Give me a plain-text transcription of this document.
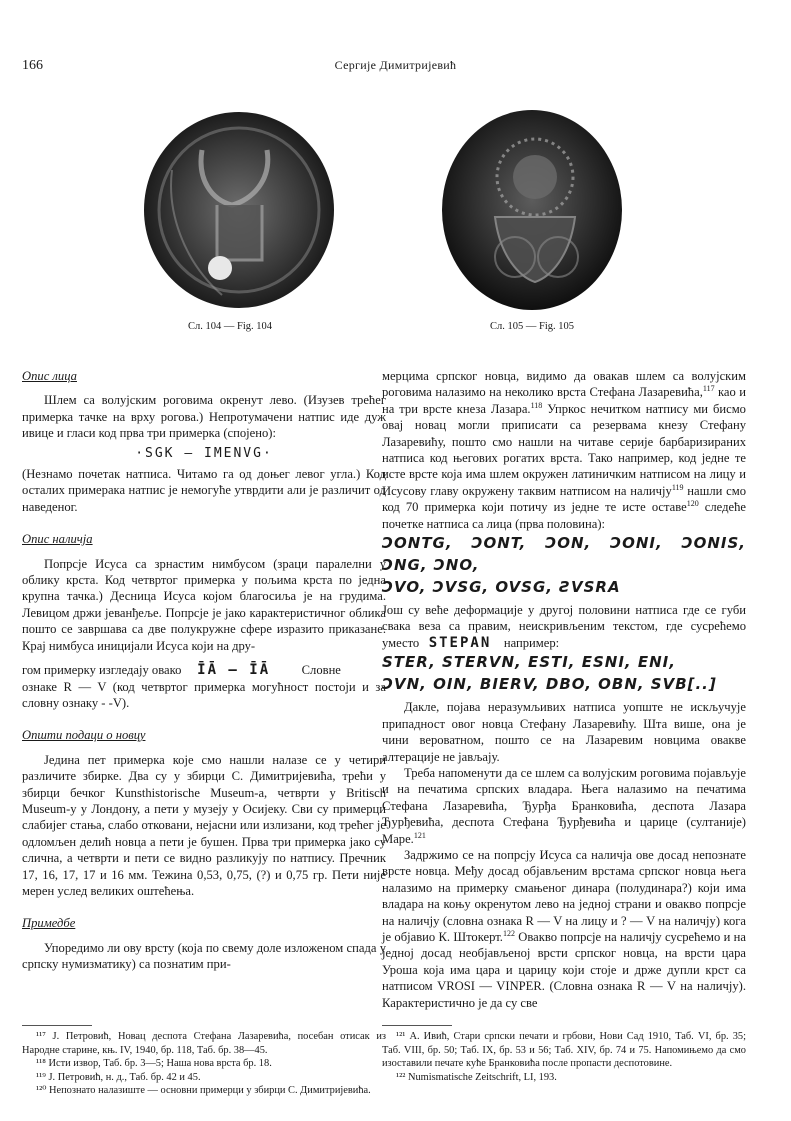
166	Сергије Димитријевић
Сл. 104 — Fig. 104	Сл. 105 — Fig. 105
Опис лица

Шлем са волујским роговима окренут лево. (Изузев трећег примерка тачке на врху рогова.) Непротумачени натпис иде дуж ивице и гласи код прва три примерка (спојено):

·SGK — IMENVG·

(Незнамо почетак натписа. Читамо га од доњег левог угла.) Код осталих примерака натпис је немогуће утврдити али је различит од наведеног.

Опис наличја

Попрсје Исуса са зрнастим нимбусом (зраци паралелни у облику крста. Код четвртог примерка у пољима крста по једна крупна тачка.) Десница Исуса којом благосиља је на грудима. Левицом држи јеванђеље. Попрсје је јако карактеристичног облика пошто се завршава са две полукружне сфере изразито приказане. Крај нимбуса иницијали Исуса који на дру-

гом примерку изгледају овако ĪĀ — ĪĀ Словне

ознаке R — V (код четвртог примерка могућност постоји и за словну ознаку - -V).

Општи подаци о новцу

Једина пет примерка које смо нашли налазе се у четири различите збирке. Два су у збирци С. Димитријевића, трећи у збирци бечког Kunsthistorische Museum-a, четврти у Britisch Museum-y у Лондону, а пети у музеју у Осијеку. Сви су примерци слабијег стања, слабо отковани, нејасни или излизани, код трећег је одломљен делић новца а пети је бушен. Прва три примерка јако су слична, а четврти и пети се видно разликују по натпису. Пречник 17, 16, 17, 17 и 16 мм. Тежина 0,53, 0,75, (?) и 0,75 гр. Пети није мерен услед великих оштећења.

Примедбе

Упоредимо ли ову врсту (која по свему доле изложеном спада у српску нумизматику) са познатим при-

мерцима српског новца, видимо да овакав шлем са волујским роговима налазимо на неколико врста Стефана Лазаревића,$^{117}$ као и на три врсте кнеза Лазара.$^{118}$ Упркос нечитком натпису ми бисмо овај новац могли приписати са резервама кнезу Стефану Лазаревићу, пошто смо нашли на читаве серије барбаризираних натписа код његових рогатих врста. Тако например, код једне те исте врсте која има шлем окружен латиничким натписом на лицу и Исусову главу окружену таквим натписом на наличју$^{119}$ нашли смо код 70 примерка који потичу из једне те исте оставе$^{120}$ следеће почетке натписа са лица (прва половина):

ƆONTG, ƆONT, ƆON, ƆONI, ƆONIS, ƆNG, ƆNO,

ƆVO, ƆVSG, OVSG, ƧVSRA

Још су веће деформације у другој половини натписа где се губи свака веза са правим, неискривљеним текстом, где сусрећемо уместо STEPAN например:

STER, STERVN, ESTI, ESNI, ENI,

ƆVN, OIN, BIERV, DBO, OBN, SVB[..]

Дакле, појава неразумљивих натписа уопште не искључује припадност овог новца Стефану Лазаревићу. Шта више, она је чини вероватном, пошто се на Лазаревим новцима овакве алтерације не јављају.

Треба напоменути да се шлем са волујским роговима појављује и на печатима српских владара. Њега налазимо на печатима Стефана Лазаревића, Ђурђа Бранковића, деспота Лазара Ђурђевића, деспота Стефана Ђурђевића и царице (султаније) Маре.$^{121}$

Задржимо се на попрсју Исуса са наличја ове досад непознате врсте новца. Међу досад објављеним врстама српског новца њега налазимо на примерку смањеног динара (полудинара?) који има владара на коњу окренутом лево на једној страни и овакво попрсје на наличју (словна ознака R — V на лицу и ? — V на наличју) кога је објавио К. Штокерт.$^{122}$ Овакво попрсје на наличју сусрећемо и на једној досад необјављеној врсти српског новца, на врсти цара Уроша која има цара и царицу који стоје и држе дупли крст са натписом VROSI — VINPER. (Словна ознака R — V на наличју). Карактеристично је да су све

¹¹⁷ J. Петровић, Новац деспота Стефана Лазаревића, посебан отисак из Народне старине, књ. IV, 1940, бр. 118, Таб. бр. 38—45.

¹¹⁸ Исти извор, Таб. бр. 3—5; Наша нова врста бр. 18.

¹¹⁹ J. Петровић, н. д., Таб. бр. 42 и 45.

¹²⁰ Непознато налазиште — основни примерци у збирци С. Димитријевића.

¹²¹ А. Ивић, Стари српски печати и грбови, Нови Сад 1910, Таб. VI, бр. 35; Таб. VIII, бр. 50; Таб. IX, бр. 53 и 56; Таб. XIV, бр. 74 и 75. Напомињемо да смо изоставили печате куће Бранковића после пропасти деспотовине.

¹²² Numismatische Zeitschrift, LI, 193.
